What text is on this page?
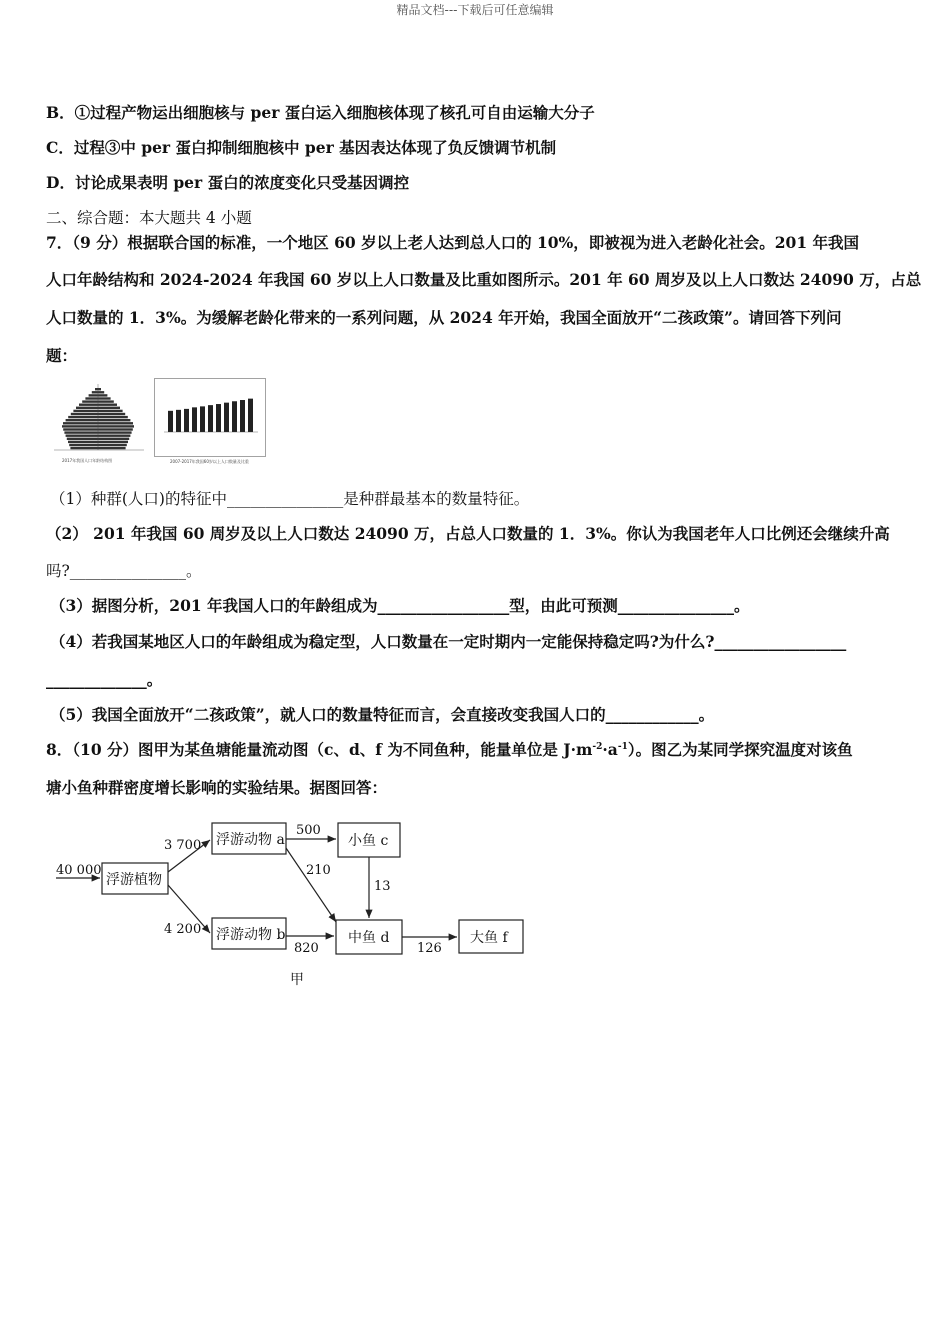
精品文档---下载后可任意编辑
B．①过程产物运出细胞核与 per 蛋白运入细胞核体现了核孔可自由运输大分子
C．过程③中 per 蛋白抑制细胞核中 per 基因表达体现了负反馈调节机制
D．讨论成果表明 per 蛋白的浓度变化只受基因调控
二、综合题：本大题共 4 小题
7．（9 分）根据联合国的标准，一个地区 60 岁以上老人达到总人口的 10%，即被视为进入老龄化社会。201 年我国
人口年龄结构和 2024-2024 年我国 60 岁以上人口数量及比重如图所示。201 年 60 周岁及以上人口数达 24090 万，占总
人口数量的 1．3%。为缓解老龄化带来的一系列问题，从 2024 年开始，我国全面放开“二孩政策”。请回答下列问
题：
2017年我国人口年龄结构图	2007-2017年我国60岁以上人口数量及比重
（1）种群(人口)的特征中_______________是种群最基本的数量特征。
（2） 201 年我国 60 周岁及以上人口数达 24090 万，占总人口数量的 1．3%。你认为我国老年人口比例还会继续升高
吗?_______________。
（3）据图分析，201 年我国人口的年龄组成为_________________型，由此可预测_______________。
（4）若我国某地区人口的年龄组成为稳定型，人口数量在一定时期内一定能保持稳定吗?为什么?_________________
_____________。
（5）我国全面放开“二孩政策”，就人口的数量特征而言，会直接改变我国人口的____________。
8．（10 分）图甲为某鱼塘能量流动图（c、d、f 为不同鱼种，能量单位是 $J\cdot m^{-2}\cdot a^{-1}$）。图乙为某同学探究温度对该鱼
塘小鱼种群密度增长影响的实验结果。据图回答：
浮游植物
浮游动物 a
浮游动物 b
小鱼 c
中鱼 d	大鱼 f
40 000
3 700
4 200
500
210
13
820	126
甲
